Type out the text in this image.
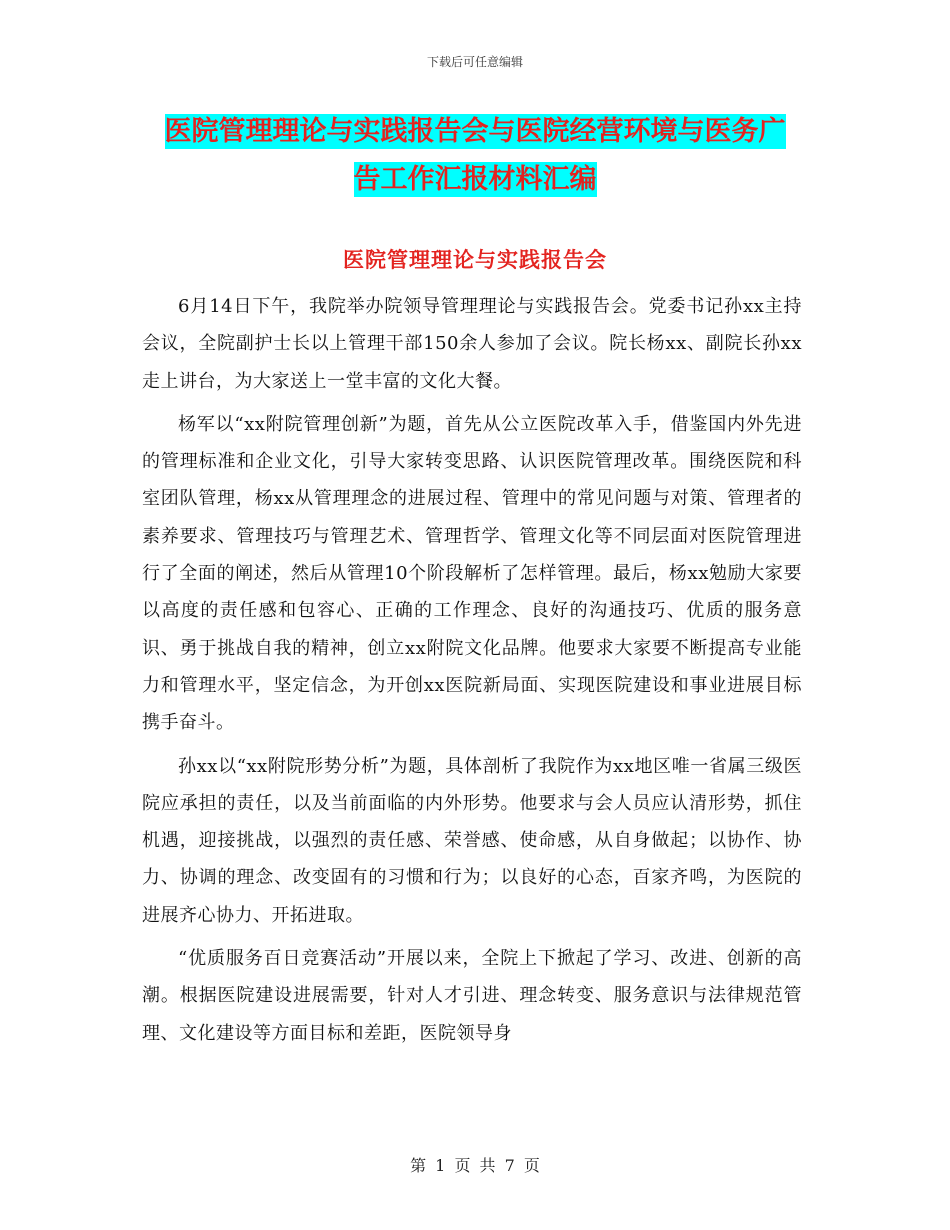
下载后可任意编辑
医院管理理论与实践报告会与医院经营环境与医务广
告工作汇报材料汇编
医院管理理论与实践报告会

6月14日下午，我院举办院领导管理理论与实践报告会。党委书记孙xx主持会议，全院副护士长以上管理干部150余人参加了会议。院长杨xx、副院长孙xx走上讲台，为大家送上一堂丰富的文化大餐。

杨军以“xx附院管理创新”为题，首先从公立医院改革入手，借鉴国内外先进的管理标准和企业文化，引导大家转变思路、认识医院管理改革。围绕医院和科室团队管理，杨xx从管理理念的进展过程、管理中的常见问题与对策、管理者的素养要求、管理技巧与管理艺术、管理哲学、管理文化等不同层面对医院管理进行了全面的阐述，然后从管理10个阶段解析了怎样管理。最后，杨xx勉励大家要以高度的责任感和包容心、正确的工作理念、良好的沟通技巧、优质的服务意识、勇于挑战自我的精神，创立xx附院文化品牌。他要求大家要不断提高专业能力和管理水平，坚定信念，为开创xx医院新局面、实现医院建设和事业进展目标携手奋斗。

孙xx以“xx附院形势分析”为题，具体剖析了我院作为xx地区唯一省属三级医院应承担的责任，以及当前面临的内外形势。他要求与会人员应认清形势，抓住机遇，迎接挑战，以强烈的责任感、荣誉感、使命感，从自身做起；以协作、协力、协调的理念、改变固有的习惯和行为；以良好的心态，百家齐鸣，为医院的进展齐心协力、开拓进取。

“优质服务百日竞赛活动”开展以来，全院上下掀起了学习、改进、创新的高潮。根据医院建设进展需要，针对人才引进、理念转变、服务意识与法律规范管理、文化建设等方面目标和差距，医院领导身

第 1 页 共 7 页
